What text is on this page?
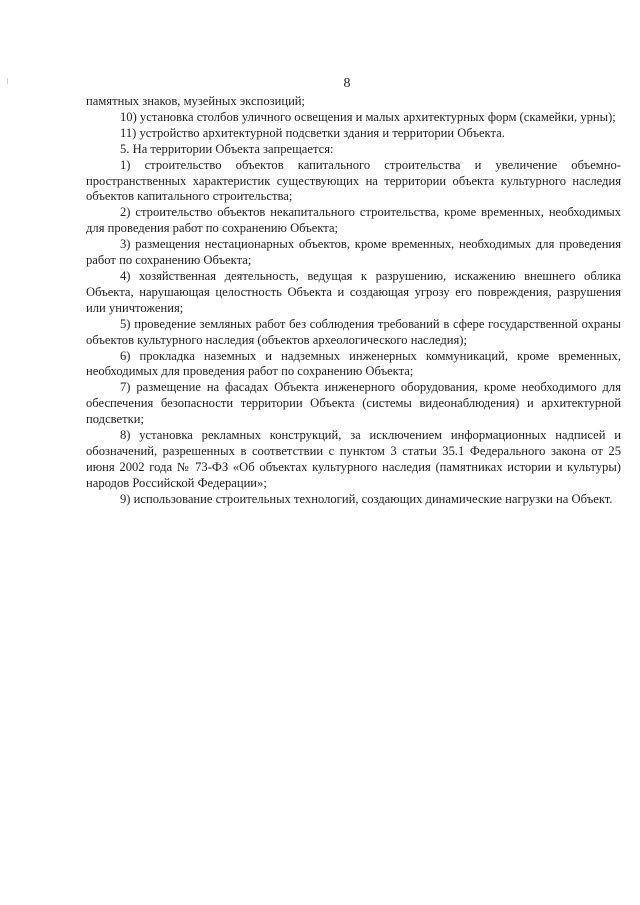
8

памятных знаков, музейных экспозиций;

10) установка столбов уличного освещения и малых архитектурных форм (скамейки, урны);

11) устройство архитектурной подсветки здания и территории Объекта.

5. На территории Объекта запрещается:

1) строительство объектов капитального строительства и увеличение объемно-пространственных характеристик существующих на территории объекта культурного наследия объектов капитального строительства;

2) строительство объектов некапитального строительства, кроме временных, необходимых для проведения работ по сохранению Объекта;

3) размещения нестационарных объектов, кроме временных, необходимых для проведения работ по сохранению Объекта;

4) хозяйственная деятельность, ведущая к разрушению, искажению внешнего облика Объекта, нарушающая целостность Объекта и создающая угрозу его повреждения, разрушения или уничтожения;

5) проведение земляных работ без соблюдения требований в сфере государственной охраны объектов культурного наследия (объектов археологического наследия);

6) прокладка наземных и надземных инженерных коммуникаций, кроме временных, необходимых для проведения работ по сохранению Объекта;

7) размещение на фасадах Объекта инженерного оборудования, кроме необходимого для обеспечения безопасности территории Объекта (системы видеонаблюдения) и архитектурной подсветки;

8) установка рекламных конструкций, за исключением информационных надписей и обозначений, разрешенных в соответствии с пунктом 3 статьи 35.1 Федерального закона от 25 июня 2002 года № 73-ФЗ «Об объектах культурного наследия (памятниках истории и культуры) народов Российской Федерации»;

9) использование строительных технологий, создающих динамические нагрузки на Объект.
